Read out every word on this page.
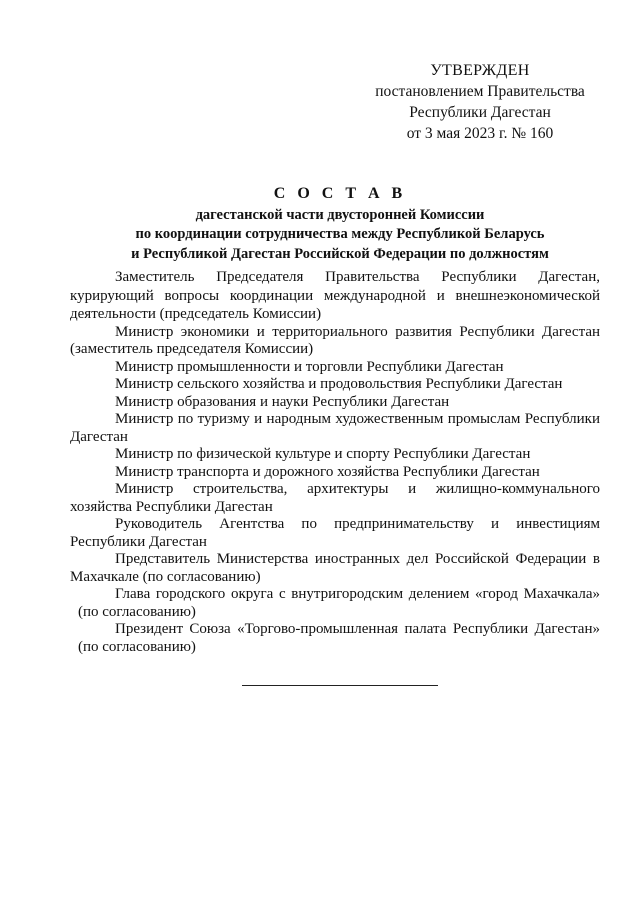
УТВЕРЖДЕН
постановлением Правительства
Республики Дагестан
от 3 мая 2023 г. № 160
С О С Т А В
дагестанской части двусторонней Комиссии
по координации сотрудничества между Республикой Беларусь
и Республикой Дагестан Российской Федерации по должностям
Заместитель Председателя Правительства Республики Дагестан,
курирующий вопросы координации международной и внешнеэкономической
деятельности (председатель Комиссии)
Министр экономики и территориального развития Республики Дагестан
(заместитель председателя Комиссии)
Министр промышленности и торговли Республики Дагестан
Министр сельского хозяйства и продовольствия Республики Дагестан
Министр образования и науки Республики Дагестан
Министр по туризму и народным художественным промыслам Республики
Дагестан
Министр по физической культуре и спорту Республики Дагестан
Министр транспорта и дорожного хозяйства Республики Дагестан
Министр строительства, архитектуры и жилищно-коммунального
хозяйства Республики Дагестан
Руководитель Агентства по предпринимательству и инвестициям
Республики Дагестан
Представитель Министерства иностранных дел Российской Федерации в
Махачкале (по согласованию)
Глава городского округа с внутригородским делением «город Махачкала»
(по согласованию)
Президент Союза «Торгово-промышленная палата Республики Дагестан»
(по согласованию)
